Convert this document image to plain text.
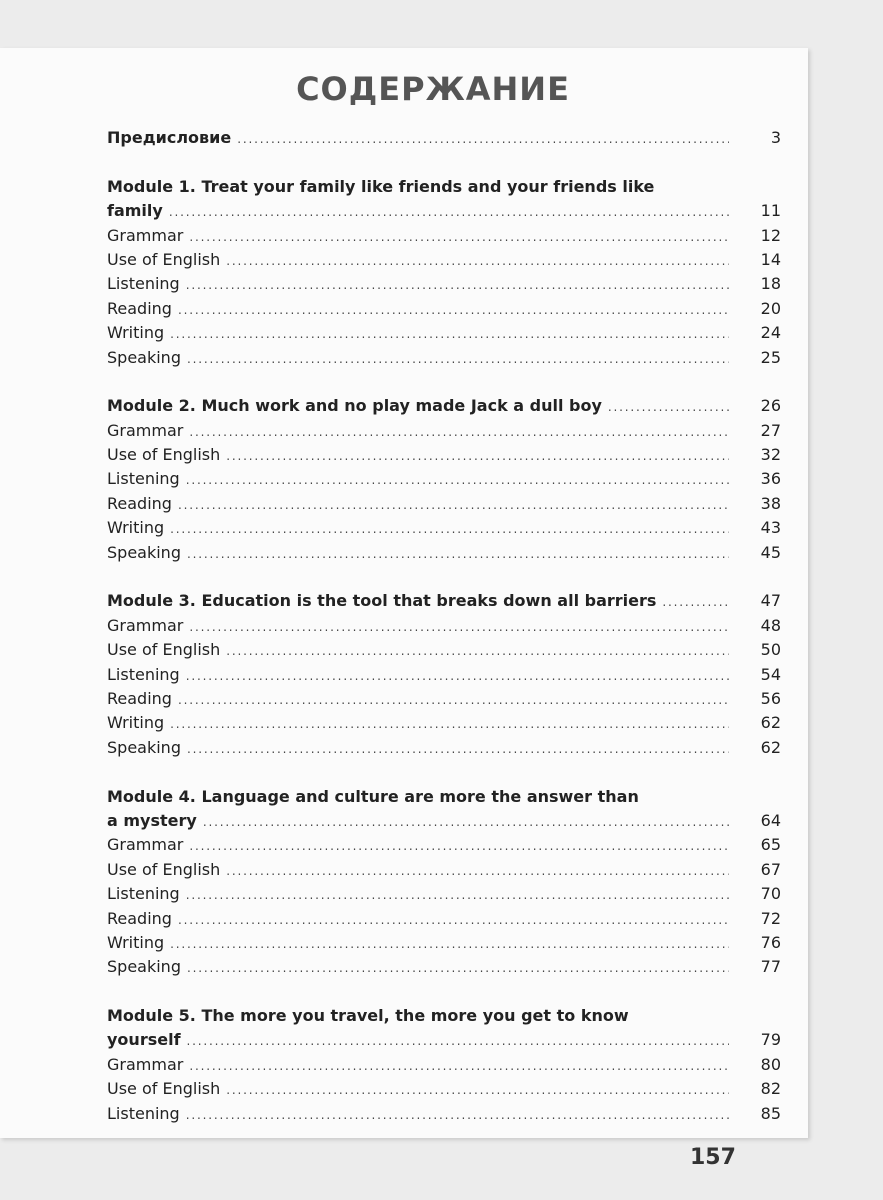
СОДЕРЖАНИЕ
Предисловие . . .	3
Module 1. Treat your family like friends and your friends like
family . . .	11
Grammar . . .	12
Use of English . . .	14
Listening . . .	18
Reading . . .	20
Writing . . .	24
Speaking . . .	25
Module 2. Much work and no play made Jack a dull boy . . .	26
Grammar . . .	27
Use of English . . .	32
Listening . . .	36
Reading . . .	38
Writing . . .	43
Speaking . . .	45
Module 3. Education is the tool that breaks down all barriers . . .	47
Grammar . . .	48
Use of English . . .	50
Listening . . .	54
Reading . . .	56
Writing . . .	62
Speaking . . .	62
Module 4. Language and culture are more the answer than
a mystery . . .	64
Grammar . . .	65
Use of English . . .	67
Listening . . .	70
Reading . . .	72
Writing . . .	76
Speaking . . .	77
Module 5. The more you travel, the more you get to know
yourself . . .	79
Grammar . . .	80
Use of English . . .	82
Listening . . .	85
157
